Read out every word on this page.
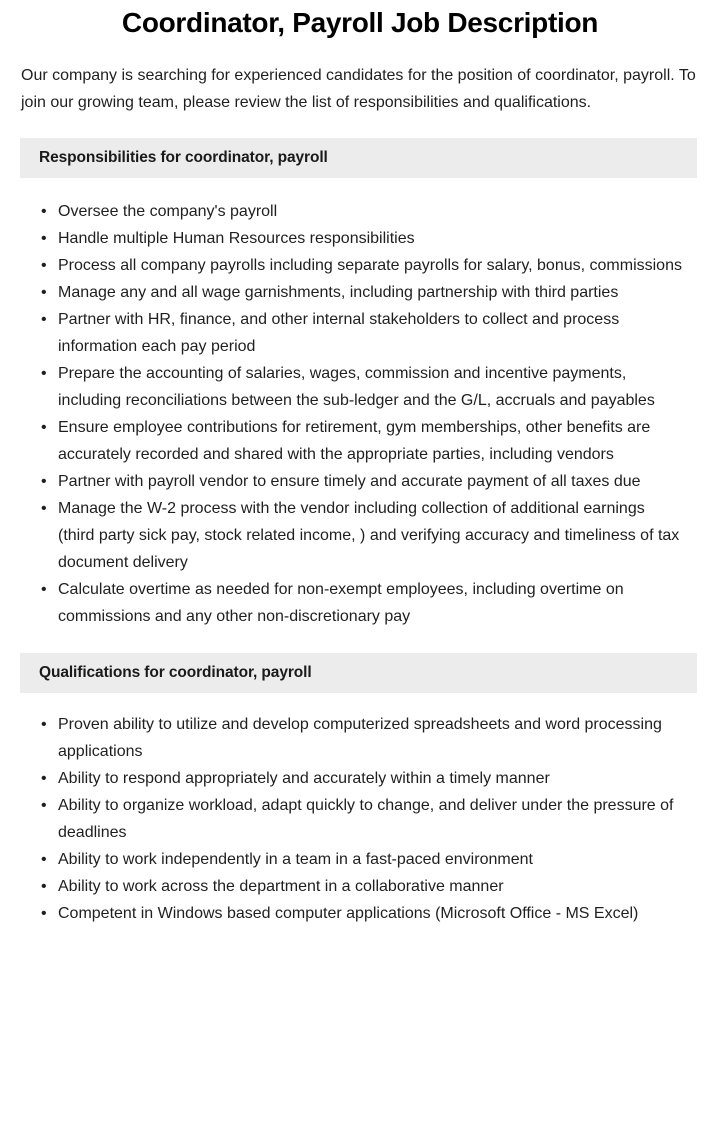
Coordinator, Payroll Job Description

Our company is searching for experienced candidates for the position of coordinator, payroll. To join our growing team, please review the list of responsibilities and qualifications.

Responsibilities for coordinator, payroll
• Oversee the company's payroll
• Handle multiple Human Resources responsibilities
• Process all company payrolls including separate payrolls for salary, bonus, commissions
• Manage any and all wage garnishments, including partnership with third parties
• Partner with HR, finance, and other internal stakeholders to collect and process information each pay period
• Prepare the accounting of salaries, wages, commission and incentive payments, including reconciliations between the sub-ledger and the G/L, accruals and payables
• Ensure employee contributions for retirement, gym memberships, other benefits are accurately recorded and shared with the appropriate parties, including vendors
• Partner with payroll vendor to ensure timely and accurate payment of all taxes due
• Manage the W-2 process with the vendor including collection of additional earnings (third party sick pay, stock related income, ) and verifying accuracy and timeliness of tax document delivery
• Calculate overtime as needed for non-exempt employees, including overtime on commissions and any other non-discretionary pay
Qualifications for coordinator, payroll
• Proven ability to utilize and develop computerized spreadsheets and word processing applications
• Ability to respond appropriately and accurately within a timely manner
• Ability to organize workload, adapt quickly to change, and deliver under the pressure of deadlines
• Ability to work independently in a team in a fast-paced environment
• Ability to work across the department in a collaborative manner
• Competent in Windows based computer applications (Microsoft Office - MS Excel)
